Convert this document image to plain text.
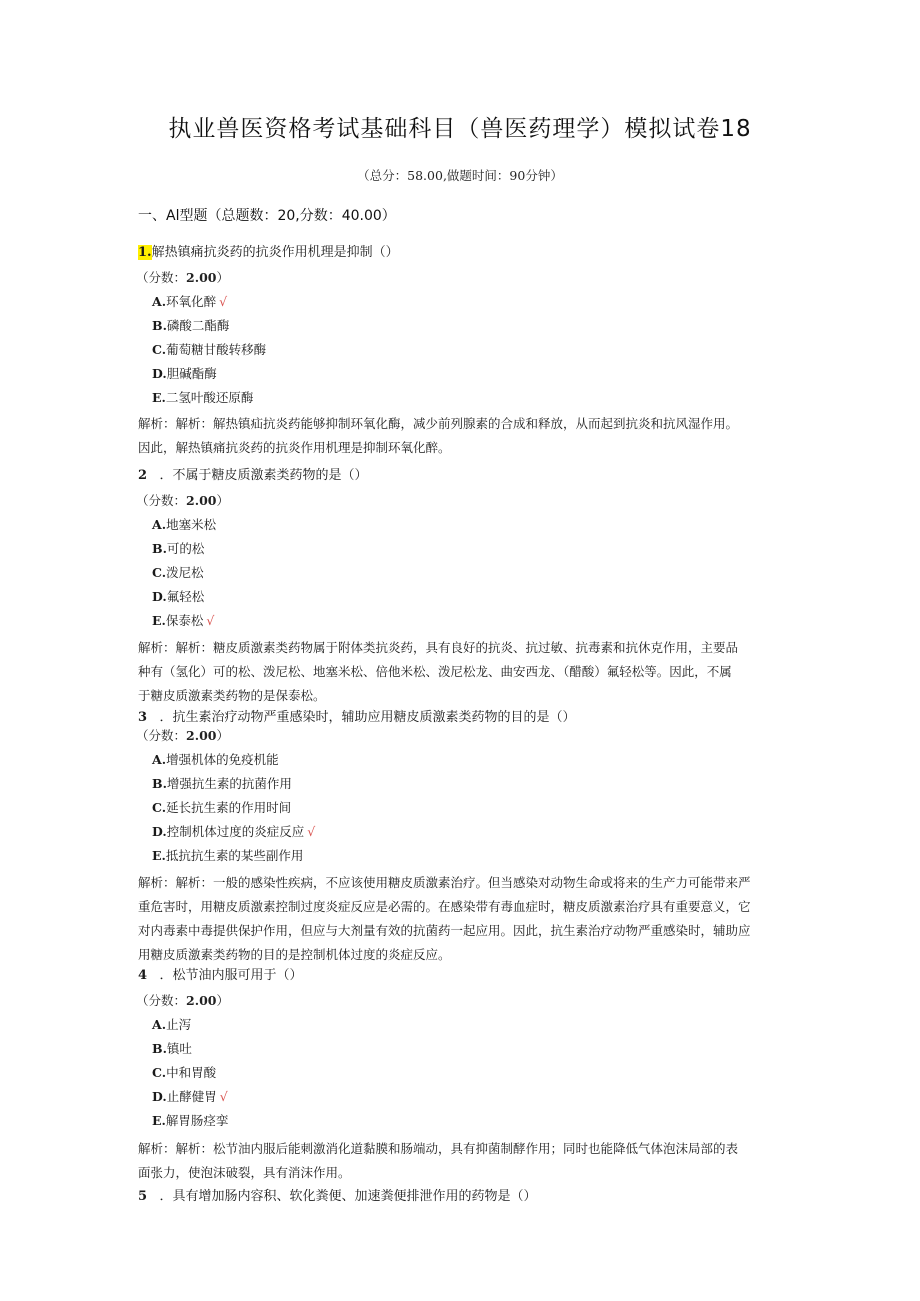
执业兽医资格考试基础科目（兽医药理学）模拟试卷18
（总分：58.00,做题时间：90分钟）
一、Al型题（总题数：20,分数：40.00）
1.解热镇痛抗炎药的抗炎作用机理是抑制（）
（分数：2.00）
A.环氧化醉 √
B.磷酸二酯酶
C.葡萄糖甘酸转移酶
D.胆碱酯酶
E.二氢叶酸还原酶
解析：解析：解热镇疝抗炎药能够抑制环氧化酶，减少前列腺素的合成和释放，从而起到抗炎和抗风湿作用。
因此，解热镇痛抗炎药的抗炎作用机理是抑制环氧化醉。
2 ．不属于糖皮质激素类药物的是（）
（分数：2.00）
A.地塞米松
B.可的松
C.泼尼松
D.氟轻松
E.保泰松 √
解析：解析：糖皮质激素类药物属于附体类抗炎药，具有良好的抗炎、抗过敏、抗毒素和抗休克作用，主要品
种有（氢化）可的松、泼尼松、地塞米松、倍他米松、泼尼松龙、曲安西龙、（醋酸）氟轻松等。因此，不属
于糖皮质激素类药物的是保泰松。
3 ．抗生素治疗动物严重感染时，辅助应用糖皮质激素类药物的目的是（）
（分数：2.00）
A.增强机体的免疫机能
B.增强抗生素的抗菌作用
C.延长抗生素的作用时间
D.控制机体过度的炎症反应 √
E.抵抗抗生素的某些副作用
解析：解析：一般的感染性疾病，不应该使用糖皮质激素治疗。但当感染对动物生命或将来的生产力可能带来严
重危害时，用糖皮质激素控制过度炎症反应是必需的。在感染带有毒血症时，糖皮质激素治疗具有重要意义，它
对内毒素中毒提供保护作用，但应与大剂量有效的抗菌药一起应用。因此，抗生素治疗动物严重感染时，辅助应
用糖皮质激素类药物的目的是控制机体过度的炎症反应。
4 ．松节油内服可用于（）
（分数：2.00）
A.止泻
B.镇吐
C.中和胃酸
D.止酵健胃 √
E.解胃肠痉挛
解析：解析：松节油内服后能刺激消化道黏膜和肠端动，具有抑菌制酵作用；同时也能降低气体泡沫局部的表
面张力，使泡沫破裂，具有消沫作用。
5 ．具有增加肠内容积、软化粪便、加速粪便排泄作用的药物是（）
